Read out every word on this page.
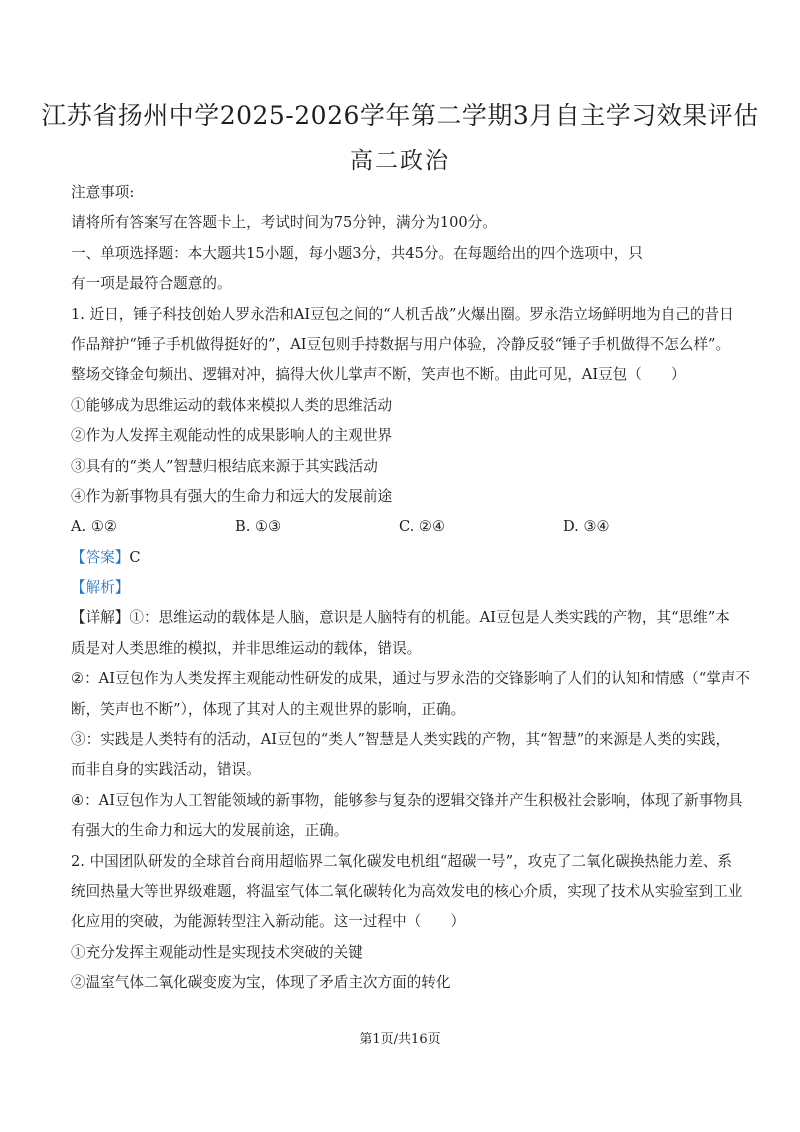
江苏省扬州中学2025-2026学年第二学期3月自主学习效果评估
高二政治
注意事项:
请将所有答案写在答题卡上，考试时间为75分钟，满分为100分。
一、单项选择题：本大题共15小题，每小题3分，共45分。在每题给出的四个选项中，只
有一项是最符合题意的。
1. 近日，锤子科技创始人罗永浩和AI豆包之间的“人机舌战”火爆出圈。罗永浩立场鲜明地为自己的昔日
作品辩护“锤子手机做得挺好的”，AI豆包则手持数据与用户体验，冷静反驳“锤子手机做得不怎么样”。
整场交锋金句频出、逻辑对冲，搞得大伙儿掌声不断，笑声也不断。由此可见，AI豆包（　　）
①能够成为思维运动的载体来模拟人类的思维活动
②作为人发挥主观能动性的成果影响人的主观世界
③具有的“类人”智慧归根结底来源于其实践活动
④作为新事物具有强大的生命力和远大的发展前途
A. ①②	B. ①③	C. ②④	D. ③④
【答案】C
【解析】
【详解】①：思维运动的载体是人脑，意识是人脑特有的机能。AI豆包是人类实践的产物，其“思维”本
质是对人类思维的模拟，并非思维运动的载体，错误。
②：AI豆包作为人类发挥主观能动性研发的成果，通过与罗永浩的交锋影响了人们的认知和情感（“掌声不
断，笑声也不断”），体现了其对人的主观世界的影响，正确。
③：实践是人类特有的活动，AI豆包的“类人”智慧是人类实践的产物，其“智慧”的来源是人类的实践，
而非自身的实践活动，错误。
④：AI豆包作为人工智能领域的新事物，能够参与复杂的逻辑交锋并产生积极社会影响，体现了新事物具
有强大的生命力和远大的发展前途，正确。
2. 中国团队研发的全球首台商用超临界二氧化碳发电机组“超碳一号”，攻克了二氧化碳换热能力差、系
统回热量大等世界级难题，将温室气体二氧化碳转化为高效发电的核心介质，实现了技术从实验室到工业
化应用的突破，为能源转型注入新动能。这一过程中（　　）
①充分发挥主观能动性是实现技术突破的关键
②温室气体二氧化碳变废为宝，体现了矛盾主次方面的转化
第1页/共16页
